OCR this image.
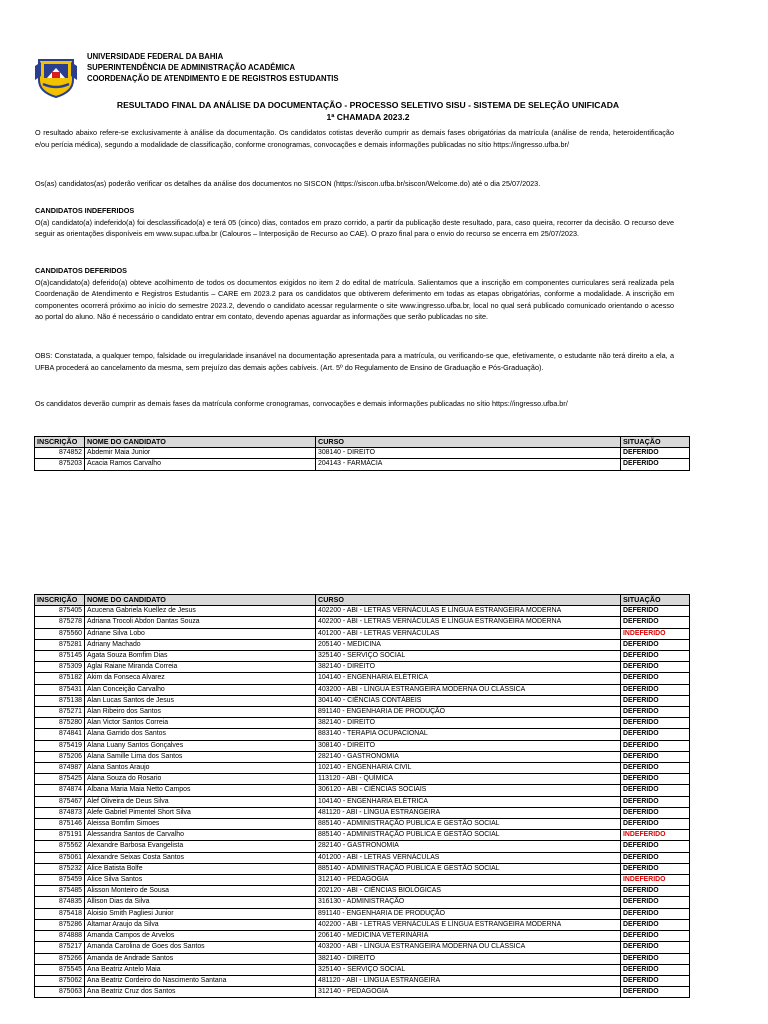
UNIVERSIDADE FEDERAL DA BAHIA
SUPERINTENDÊNCIA DE ADMINISTRAÇÃO ACADÊMICA
COORDENAÇÃO DE ATENDIMENTO E DE REGISTROS ESTUDANTIS
RESULTADO FINAL DA ANÁLISE DA DOCUMENTAÇÃO - PROCESSO SELETIVO SISU - SISTEMA DE SELEÇÃO UNIFICADA
1ª CHAMADA 2023.2
O resultado abaixo refere-se exclusivamente à análise da documentação. Os candidatos cotistas deverão cumprir as demais fases obrigatórias da matrícula (análise de renda, heteroidentificação e/ou perícia médica), segundo a modalidade de classificação, conforme cronogramas, convocações e demais informações publicadas no sítio https://ingresso.ufba.br/
Os(as) candidatos(as) poderão verificar os detalhes da análise dos documentos no SISCON (https://siscon.ufba.br/siscon/Welcome.do) até o dia 25/07/2023.
CANDIDATOS INDEFERIDOS
O(a) candidato(a) indeferido(a) foi desclassificado(a) e terá 05 (cinco) dias, contados em prazo corrido, a partir da publicação deste resultado, para, caso queira, recorrer da decisão. O recurso deve seguir as orientações disponíveis em www.supac.ufba.br (Calouros – Interposição de Recurso ao CAE). O prazo final para o envio do recurso se encerra em 25/07/2023.
CANDIDATOS DEFERIDOS
O(a)candidato(a) deferido(a) obteve acolhimento de todos os documentos exigidos no item 2 do edital de matrícula. Salientamos que a inscrição em componentes curriculares será realizada pela Coordenação de Atendimento e Registros Estudantis – CARE em 2023.2 para os candidatos que obtiverem deferimento em todas as etapas obrigatórias, conforme a modalidade. A inscrição em componentes ocorrerá próximo ao início do semestre 2023.2, devendo o candidato acessar regularmente o site www.ingresso.ufba.br, local no qual será publicado comunicado orientando o acesso ao portal do aluno. Não é necessário o candidato entrar em contato, devendo apenas aguardar as informações que serão publicadas no site.
OBS: Constatada, a qualquer tempo, falsidade ou irregularidade insanável na documentação apresentada para a matrícula, ou verificando-se que, efetivamente, o estudante não terá direito a ela, a UFBA procederá ao cancelamento da mesma, sem prejuízo das demais ações cabíveis. (Art. 5º do Regulamento de Ensino de Graduação e Pós-Graduação).
Os candidatos deverão cumprir as demais fases da matrícula conforme cronogramas, convocações e demais informações publicadas no sítio https://ingresso.ufba.br/
INSCRIÇÃO	NOME DO CANDIDATO	CURSO	SITUAÇÃO
874852	Abdemir Maia Junior	308140 - DIREITO	DEFERIDO
875203	Acacia Ramos Carvalho	204143 - FARMÁCIA	DEFERIDO
INSCRIÇÃO	NOME DO CANDIDATO	CURSO	SITUAÇÃO
875405	Acucena Gabriela Kuellez de Jesus	402200 - ABI - LETRAS VERNÁCULAS E LÍNGUA ESTRANGEIRA MODERNA	DEFERIDO
875278	Adriana Trocoli Abdon Dantas Souza	402200 - ABI - LETRAS VERNÁCULAS E LÍNGUA ESTRANGEIRA MODERNA	DEFERIDO
875560	Adriane Silva Lobo	401200 - ABI - LETRAS VERNÁCULAS	INDEFERIDO
875281	Adriany Machado	205140 - MEDICINA	DEFERIDO
875145	Agata Souza Bomfim Dias	325140 - SERVIÇO SOCIAL	DEFERIDO
875309	Aglai Raiane Miranda Correia	382140 - DIREITO	DEFERIDO
875182	Akim da Fonseca Alvarez	104140 - ENGENHARIA ELÉTRICA	DEFERIDO
875431	Alan Conceição Carvalho	403200 - ABI - LÍNGUA ESTRANGEIRA MODERNA OU CLÁSSICA	DEFERIDO
875138	Alan Lucas Santos de Jesus	304140 - CIÊNCIAS CONTÁBEIS	DEFERIDO
875271	Alan Ribeiro dos Santos	891140 - ENGENHARIA DE PRODUÇÃO	DEFERIDO
875280	Alan Victor Santos Correia	382140 - DIREITO	DEFERIDO
874841	Alana Garrido dos Santos	883140 - TERAPIA OCUPACIONAL	DEFERIDO
875419	Alana Luany Santos Gonçalves	308140 - DIREITO	DEFERIDO
875206	Alana Samille Lima dos Santos	282140 - GASTRONOMIA	DEFERIDO
874987	Alana Santos Araujo	102140 - ENGENHARIA CIVIL	DEFERIDO
875425	Alana Souza do Rosario	113120 - ABI - QUÍMICA	DEFERIDO
874874	Albana Maria Maia Netto Campos	306120 - ABI - CIÊNCIAS SOCIAIS	DEFERIDO
875467	Alef Oliveira de Deus Silva	104140 - ENGENHARIA ELÉTRICA	DEFERIDO
874873	Alefe Gabriel Pimentel Short Silva	481120 - ABI - LÍNGUA ESTRANGEIRA	DEFERIDO
875146	Aleissa Bomfim Simoes	885140 - ADMINISTRAÇÃO PÚBLICA E GESTÃO SOCIAL	DEFERIDO
875191	Alessandra Santos de Carvalho	885140 - ADMINISTRAÇÃO PÚBLICA E GESTÃO SOCIAL	INDEFERIDO
875562	Alexandre Barbosa Evangelista	282140 - GASTRONOMIA	DEFERIDO
875061	Alexandre Seixas Costa Santos	401200 - ABI - LETRAS VERNÁCULAS	DEFERIDO
875232	Alice Batista Bolfe	885140 - ADMINISTRAÇÃO PÚBLICA E GESTÃO SOCIAL	DEFERIDO
875459	Alice Silva Santos	312140 - PEDAGOGIA	INDEFERIDO
875485	Alisson Monteiro de Sousa	202120 - ABI - CIÊNCIAS BIOLÓGICAS	DEFERIDO
874835	Allison Dias da Silva	316130 - ADMINISTRAÇÃO	DEFERIDO
875418	Aloisio Smith Pagliesi Junior	891140 - ENGENHARIA DE PRODUÇÃO	DEFERIDO
875286	Altamar Araujo da Silva	402200 - ABI - LETRAS VERNÁCULAS E LÍNGUA ESTRANGEIRA MODERNA	DEFERIDO
874888	Amanda Campos de Arvelos	206140 - MEDICINA VETERINÁRIA	DEFERIDO
875217	Amanda Carolina de Goes dos Santos	403200 - ABI - LÍNGUA ESTRANGEIRA MODERNA OU CLÁSSICA	DEFERIDO
875266	Amanda de Andrade Santos	382140 - DIREITO	DEFERIDO
875545	Ana Beatriz Antelo Maia	325140 - SERVIÇO SOCIAL	DEFERIDO
875062	Ana Beatriz Cordeiro do Nascimento Santana	481120 - ABI - LÍNGUA ESTRANGEIRA	DEFERIDO
875063	Ana Beatriz Cruz dos Santos	312140 - PEDAGOGIA	DEFERIDO
